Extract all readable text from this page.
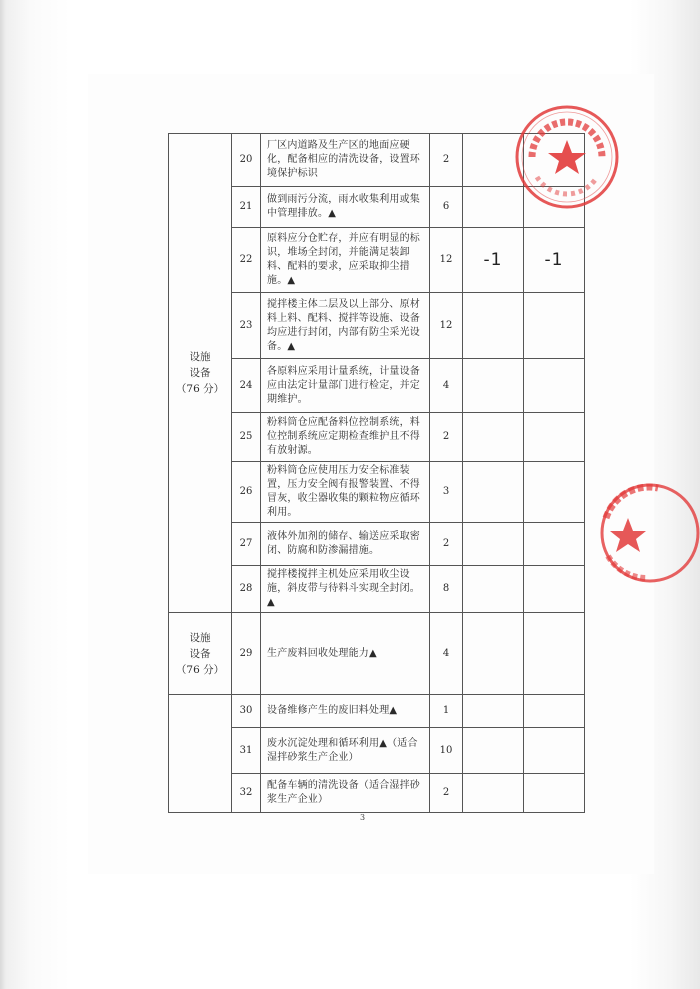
设施
设备
（76 分）	20	厂区内道路及生产区的地面应硬化，配备相应的清洗设备，设置环境保护标识	2		
	21	做到雨污分流，雨水收集利用或集中管理排放。▲	6		
	22	原料应分仓贮存，并应有明显的标识，堆场全封闭，并能满足装卸料、配料的要求，应采取抑尘措施。▲	12	-1	-1
	23	搅拌楼主体二层及以上部分、原材料上料、配料、搅拌等设施、设备均应进行封闭，内部有防尘采光设备。▲	12		
	24	各原料应采用计量系统，计量设备应由法定计量部门进行检定，并定期维护。	4		
	25	粉料筒仓应配备料位控制系统，料位控制系统应定期检查维护且不得有放射源。	2		
	26	粉料筒仓应使用压力安全标准装置，压力安全阀有报警装置、不得冒灰，收尘器收集的颗粒物应循环利用。	3		
	27	液体外加剂的储存、输送应采取密闭、防腐和防渗漏措施。	2		
	28	搅拌楼搅拌主机处应采用收尘设施，斜皮带与待料斗实现全封闭。▲	8		

设施
设备
（76 分）	29	生产废料回收处理能力▲	4		
	30	设备维修产生的废旧料处理▲	1		
	31	废水沉淀处理和循环利用▲（适合湿拌砂浆生产企业）	10		
	32	配备车辆的清洗设备（适合湿拌砂浆生产企业）	2		
3
